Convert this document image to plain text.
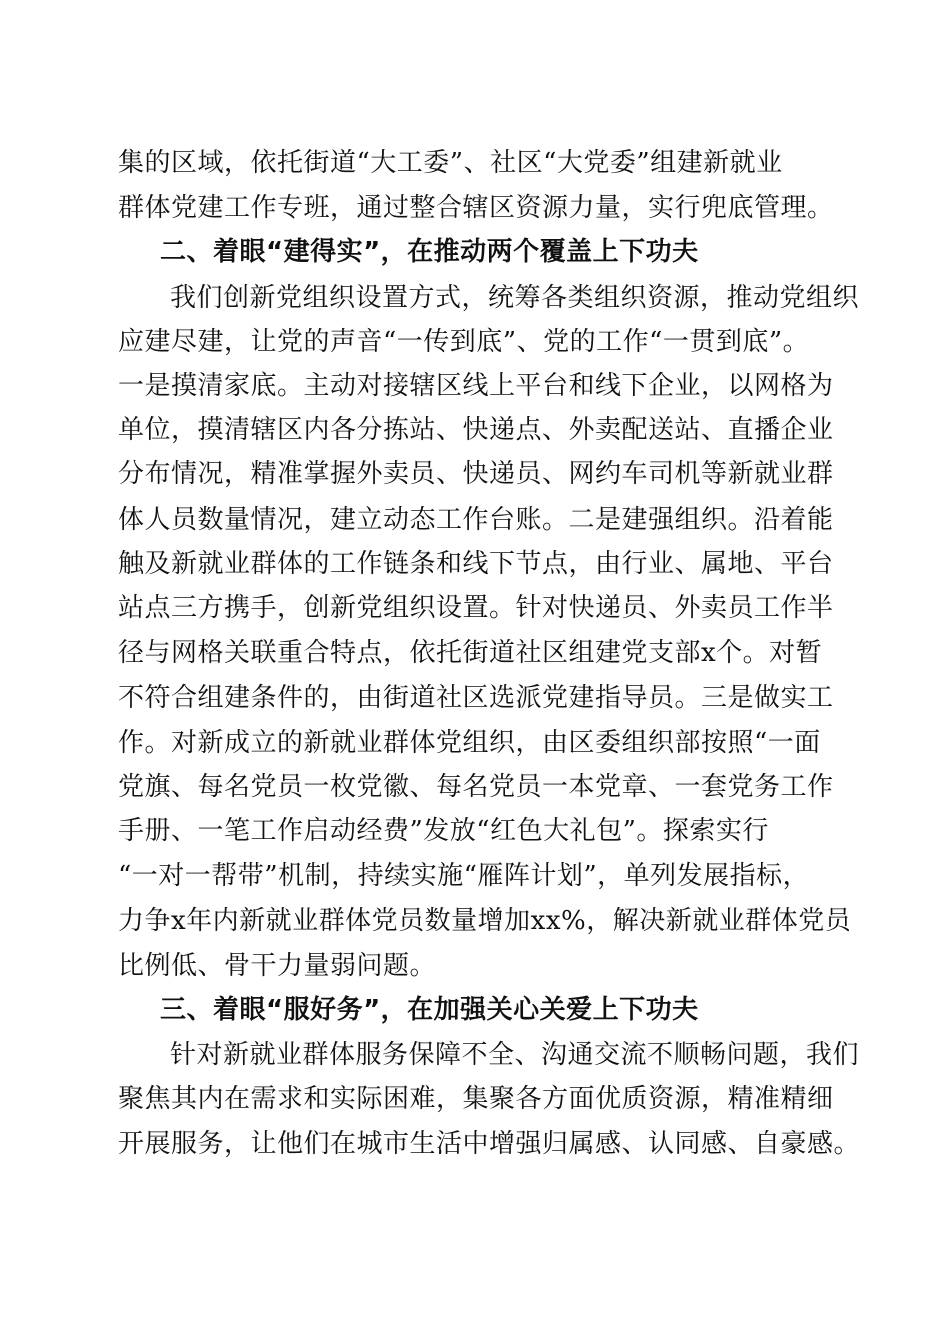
集的区域，依托街道“大工委”、社区“大党委”组建新就业
群体党建工作专班，通过整合辖区资源力量，实行兜底管理。
二、着眼“建得实”，在推动两个覆盖上下功夫
我们创新党组织设置方式，统筹各类组织资源，推动党组织
应建尽建，让党的声音“一传到底”、党的工作“一贯到底”。
一是摸清家底。主动对接辖区线上平台和线下企业，以网格为
单位，摸清辖区内各分拣站、快递点、外卖配送站、直播企业
分布情况，精准掌握外卖员、快递员、网约车司机等新就业群
体人员数量情况，建立动态工作台账。二是建强组织。沿着能
触及新就业群体的工作链条和线下节点，由行业、属地、平台
站点三方携手，创新党组织设置。针对快递员、外卖员工作半
径与网格关联重合特点，依托街道社区组建党支部x个。对暂
不符合组建条件的，由街道社区选派党建指导员。三是做实工
作。对新成立的新就业群体党组织，由区委组织部按照“一面
党旗、每名党员一枚党徽、每名党员一本党章、一套党务工作
手册、一笔工作启动经费”发放“红色大礼包”。探索实行
“一对一帮带”机制，持续实施“雁阵计划”，单列发展指标，
力争x年内新就业群体党员数量增加xx%，解决新就业群体党员
比例低、骨干力量弱问题。
三、着眼“服好务”，在加强关心关爱上下功夫
针对新就业群体服务保障不全、沟通交流不顺畅问题，我们
聚焦其内在需求和实际困难，集聚各方面优质资源，精准精细
开展服务，让他们在城市生活中增强归属感、认同感、自豪感。
